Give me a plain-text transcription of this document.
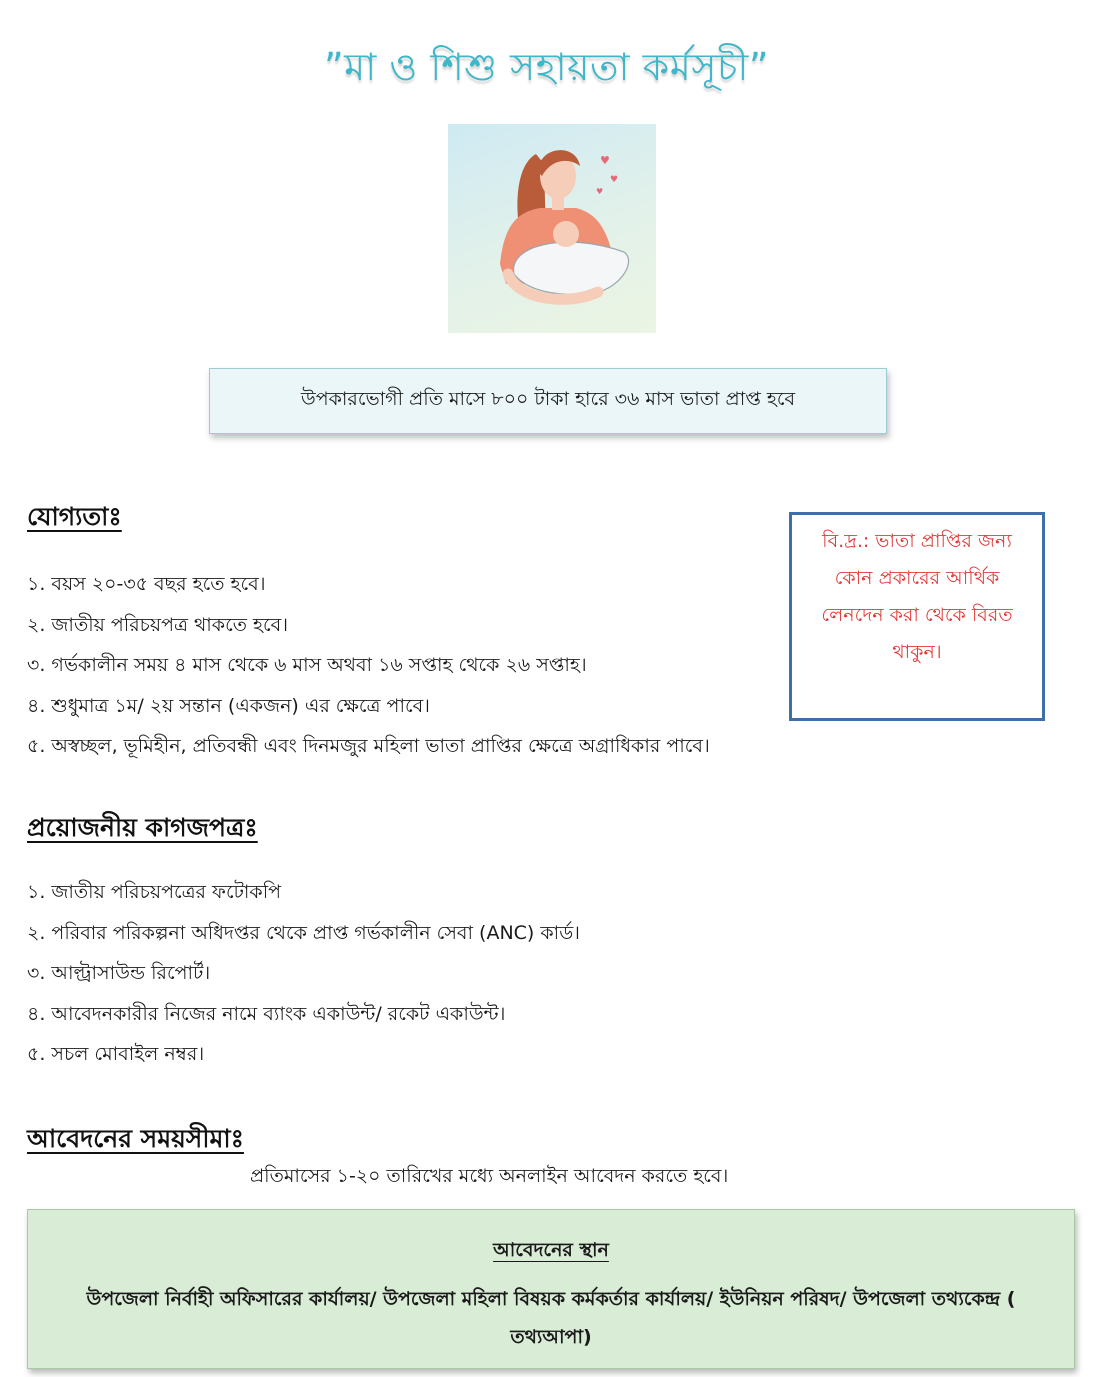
”মা ও শিশু সহায়তা কর্মসূচী”
♥
♥
♥
উপকারভোগী প্রতি মাসে ৮০০ টাকা হারে ৩৬ মাস ভাতা প্রাপ্ত হবে
যোগ্যতাঃ
১. বয়স ২০-৩৫ বছর হতে হবে।
২. জাতীয় পরিচয়পত্র থাকতে হবে।
৩. গর্ভকালীন সময় ৪ মাস থেকে ৬ মাস অথবা ১৬ সপ্তাহ থেকে ২৬ সপ্তাহ।
৪. শুধুমাত্র ১ম/ ২য় সন্তান (একজন) এর ক্ষেত্রে পাবে।
৫. অস্বচ্ছল, ভূমিহীন, প্রতিবন্ধী এবং দিনমজুর মহিলা ভাতা প্রাপ্তির ক্ষেত্রে অগ্রাধিকার পাবে।
বি.দ্র.: ভাতা প্রাপ্তির জন্য কোন প্রকারের আর্থিক লেনদেন করা থেকে বিরত থাকুন।
প্রয়োজনীয় কাগজপত্রঃ
১. জাতীয় পরিচয়পত্রের ফটোকপি
২. পরিবার পরিকল্পনা অধিদপ্তর থেকে প্রাপ্ত গর্ভকালীন সেবা (ANC) কার্ড।
৩. আল্ট্রাসাউন্ড রিপোর্ট।
৪. আবেদনকারীর নিজের নামে ব্যাংক একাউন্ট/ রকেট একাউন্ট।
৫. সচল মোবাইল নম্বর।
আবেদনের সময়সীমাঃ
প্রতিমাসের ১-২০ তারিখের মধ্যে অনলাইন আবেদন করতে হবে।
আবেদনের স্থান
উপজেলা নির্বাহী অফিসারের কার্যালয়/ উপজেলা মহিলা বিষয়ক কর্মকর্তার কার্যালয়/ ইউনিয়ন পরিষদ/ উপজেলা তথ্যকেন্দ্র ( তথ্যআপা)
